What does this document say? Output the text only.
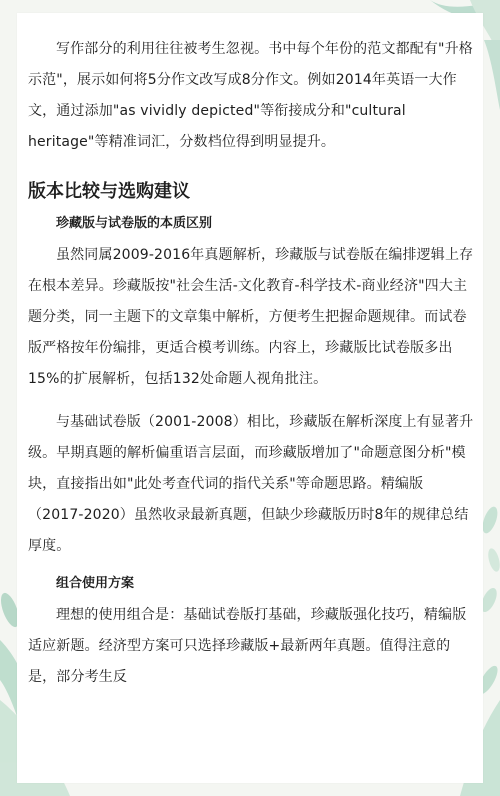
写作部分的利用往往被考生忽视。书中每个年份的范文都配有"升格示范"，展示如何将5分作文改写成8分作文。例如2014年英语一大作文，通过添加"as vividly depicted"等衔接成分和"cultural heritage"等精准词汇，分数档位得到明显提升。

版本比较与选购建议
珍藏版与试卷版的本质区别

虽然同属2009-2016年真题解析，珍藏版与试卷版在编排逻辑上存在根本差异。珍藏版按"社会生活-文化教育-科学技术-商业经济"四大主题分类，同一主题下的文章集中解析，方便考生把握命题规律。而试卷版严格按年份编排，更适合模考训练。内容上，珍藏版比试卷版多出15%的扩展解析，包括132处命题人视角批注。

与基础试卷版（2001-2008）相比，珍藏版在解析深度上有显著升级。早期真题的解析偏重语言层面，而珍藏版增加了"命题意图分析"模块，直接指出如"此处考查代词的指代关系"等命题思路。精编版（2017-2020）虽然收录最新真题，但缺少珍藏版历时8年的规律总结厚度。

组合使用方案

理想的使用组合是：基础试卷版打基础，珍藏版强化技巧，精编版适应新题。经济型方案可只选择珍藏版+最新两年真题。值得注意的是，部分考生反
